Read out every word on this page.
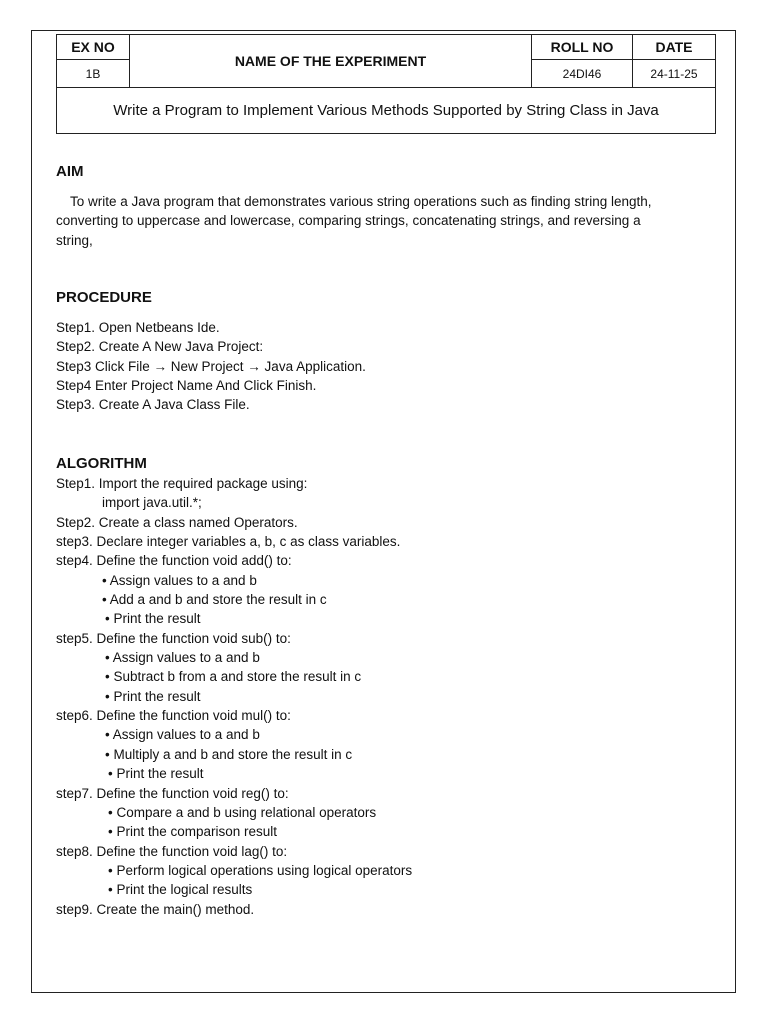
EX NO	NAME OF THE EXPERIMENT	ROLL NO	DATE
1B		24DI46	24-11-25
Write a Program to Implement Various Methods Supported by String Class in Java			
AIM

To write a Java program that demonstrates various string operations such as finding string length, converting to uppercase and lowercase, comparing strings, concatenating strings, and reversing a string,

PROCEDURE
Step1. Open Netbeans Ide.
Step2. Create A New Java Project:
Step3 Click File → New Project → Java Application.
Step4 Enter Project Name And Click Finish.
Step3. Create A Java Class File.
ALGORITHM
Step1. Import the required package using:
import java.util.*;
Step2. Create a class named Operators.
step3. Declare integer variables a, b, c as class variables.
step4. Define the function void add() to:
• Assign values to a and b
• Add a and b and store the result in c
• Print the result
step5. Define the function void sub() to:
• Assign values to a and b
• Subtract b from a and store the result in c
• Print the result
step6. Define the function void mul() to:
• Assign values to a and b
• Multiply a and b and store the result in c
• Print the result
step7. Define the function void reg() to:
• Compare a and b using relational operators
• Print the comparison result
step8. Define the function void lag() to:
• Perform logical operations using logical operators
• Print the logical results
step9. Create the main() method.
